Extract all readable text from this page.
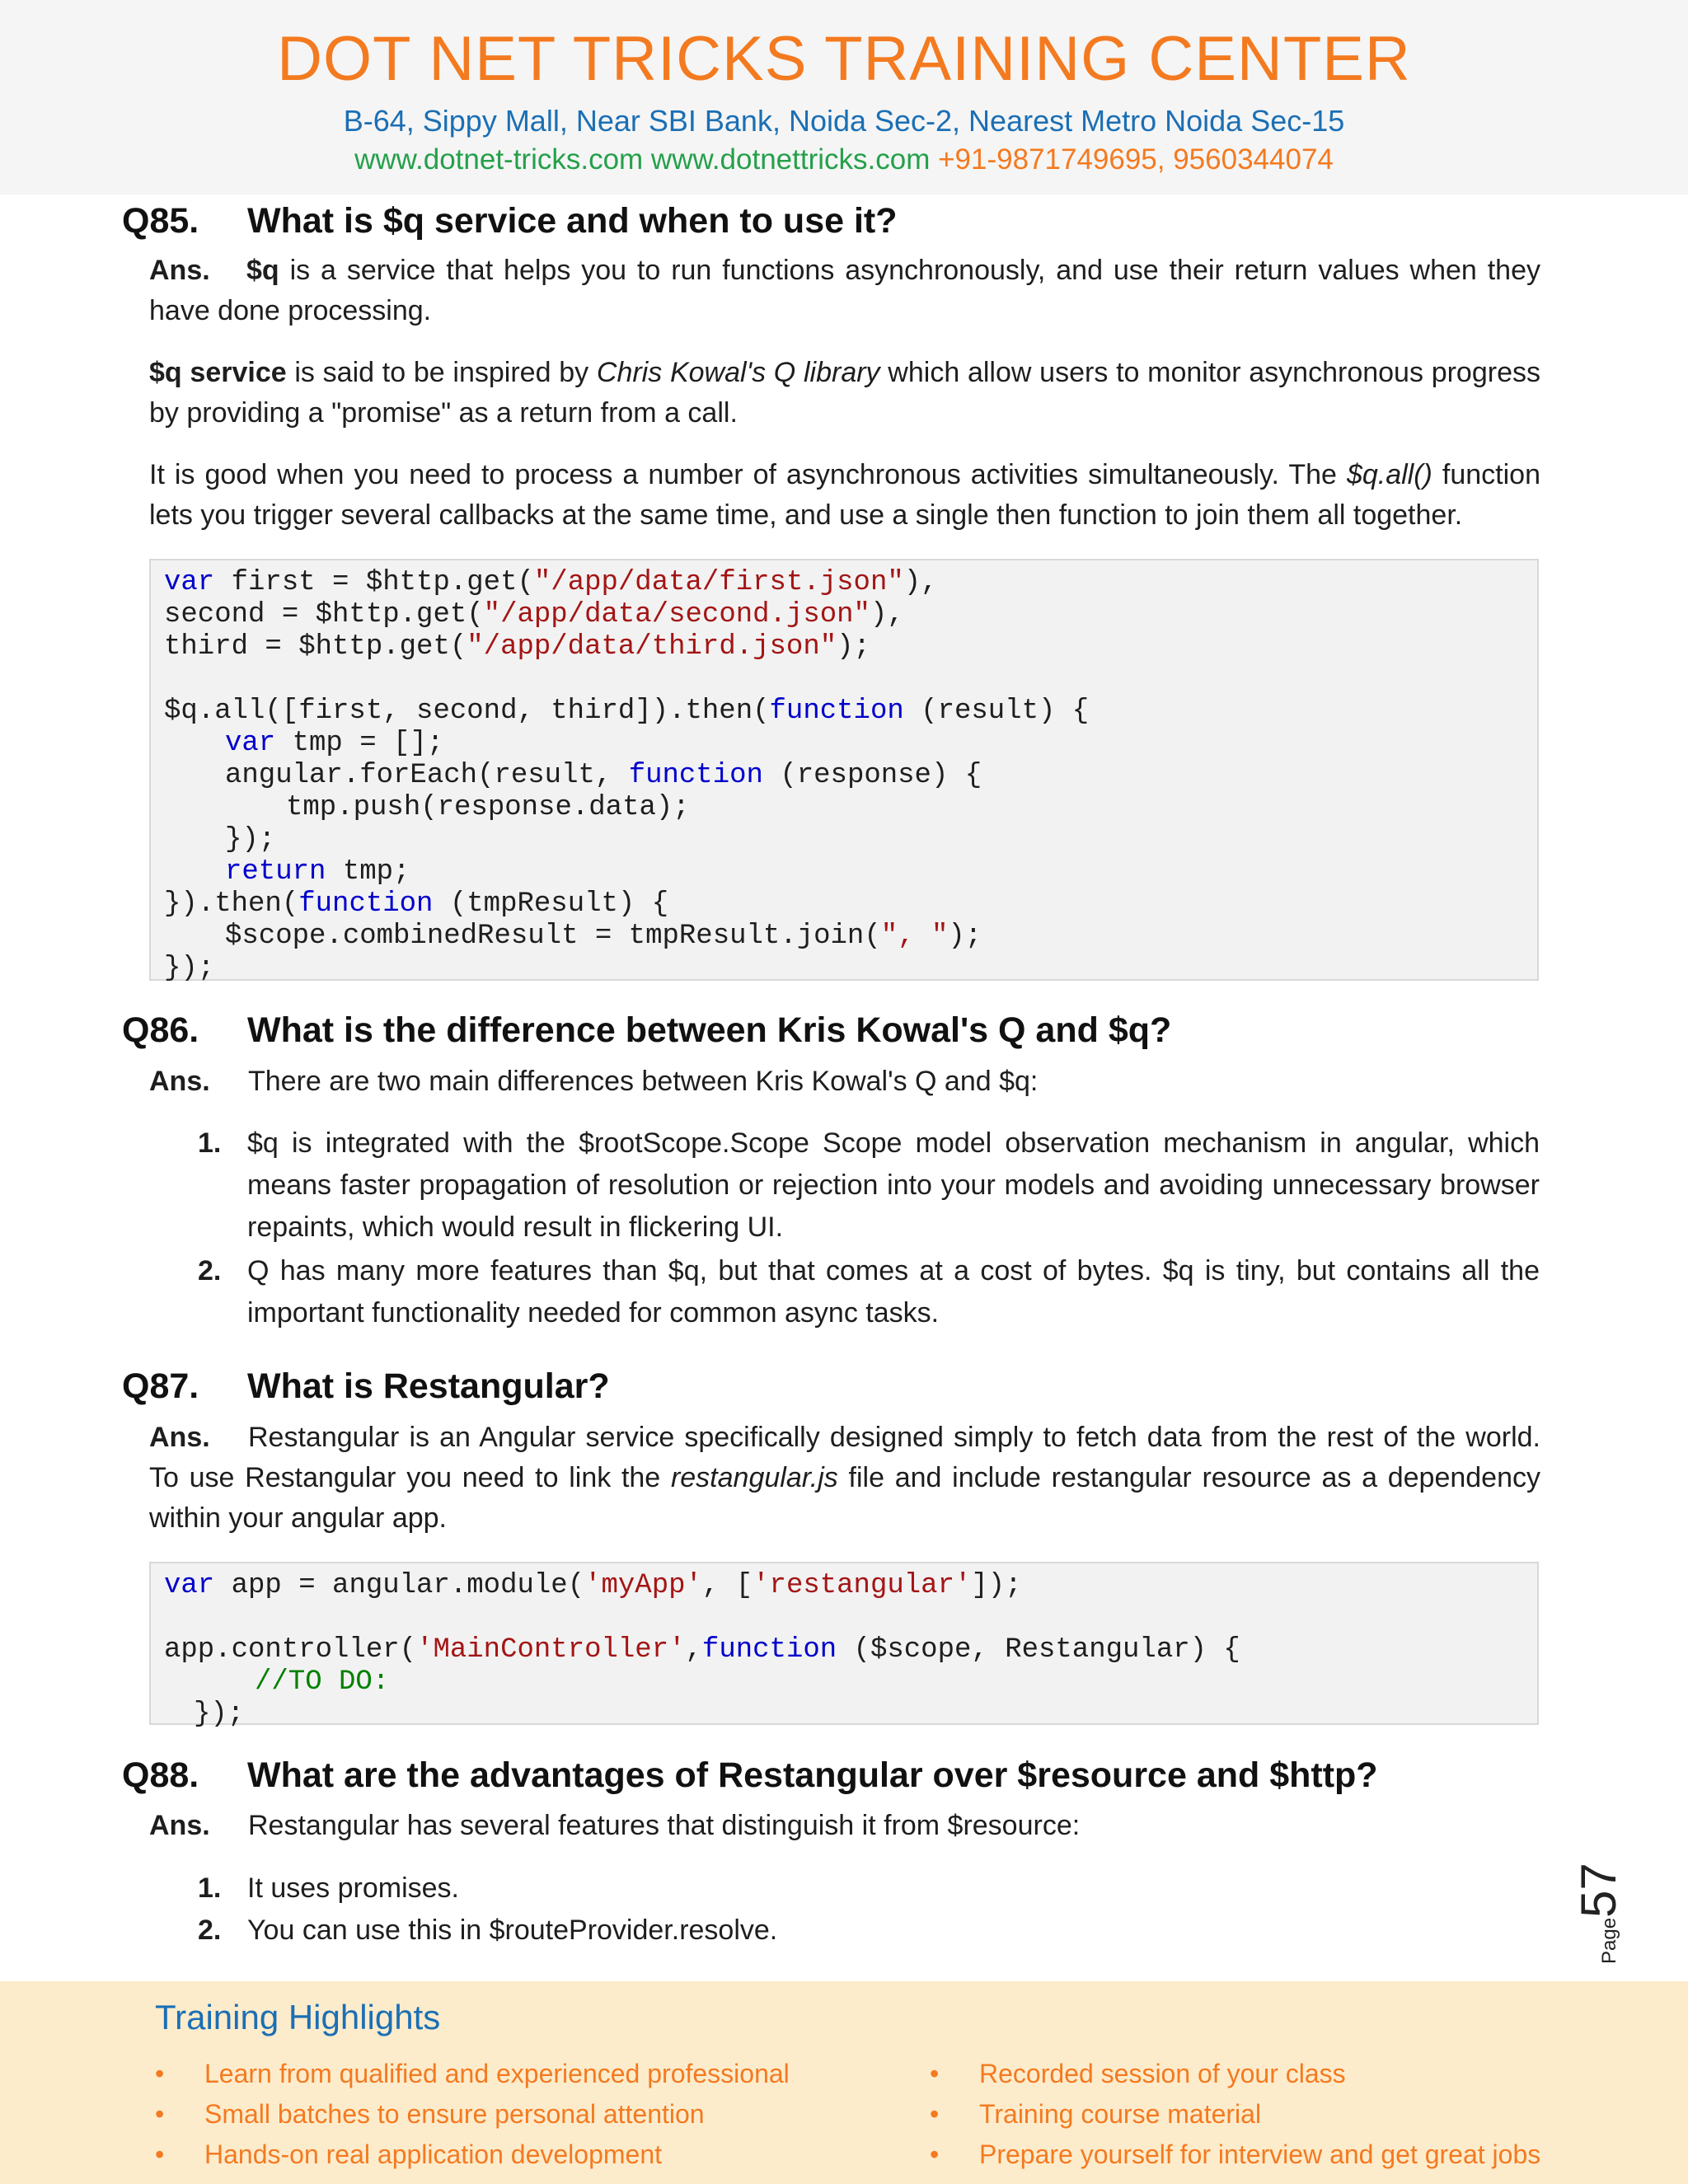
DOT NET TRICKS TRAINING CENTER
B-64, Sippy Mall, Near SBI Bank, Noida Sec-2, Nearest Metro Noida Sec-15
www.dotnet-tricks.com www.dotnettricks.com +91-9871749695, 9560344074
Q85. What is $q service and when to use it?
Ans. $q is a service that helps you to run functions asynchronously, and use their return values when they have done processing.
$q service is said to be inspired by Chris Kowal's Q library which allow users to monitor asynchronous progress by providing a "promise" as a return from a call.
It is good when you need to process a number of asynchronous activities simultaneously. The $q.all() function lets you trigger several callbacks at the same time, and use a single then function to join them all together.
var first = $http.get("/app/data/first.json"),
second = $http.get("/app/data/second.json"),
third = $http.get("/app/data/third.json");
$q.all([first, second, third]).then(function (result) {
var tmp = [];
angular.forEach(result, function (response) {
tmp.push(response.data);
});
return tmp;
}).then(function (tmpResult) {
$scope.combinedResult = tmpResult.join(", ");
});
Q86. What is the difference between Kris Kowal's Q and $q?
Ans. There are two main differences between Kris Kowal's Q and $q:
1. $q is integrated with the $rootScope.Scope Scope model observation mechanism in angular, which means faster propagation of resolution or rejection into your models and avoiding unnecessary browser repaints, which would result in flickering UI.
2. Q has many more features than $q, but that comes at a cost of bytes. $q is tiny, but contains all the important functionality needed for common async tasks.
Q87. What is Restangular?
Ans. Restangular is an Angular service specifically designed simply to fetch data from the rest of the world. To use Restangular you need to link the restangular.js file and include restangular resource as a dependency within your angular app.
var app = angular.module('myApp', ['restangular']);
app.controller('MainController',function ($scope, Restangular) {
//TO DO:
});
Q88. What are the advantages of Restangular over $resource and $http?
Ans. Restangular has several features that distinguish it from $resource:
1. It uses promises.
2. You can use this in $routeProvider.resolve.	Page57
Training Highlights
• Learn from qualified and experienced professional
• Small batches to ensure personal attention
• Hands-on real application development
• Recorded session of your class
• Training course material
• Prepare yourself for interview and get great jobs
